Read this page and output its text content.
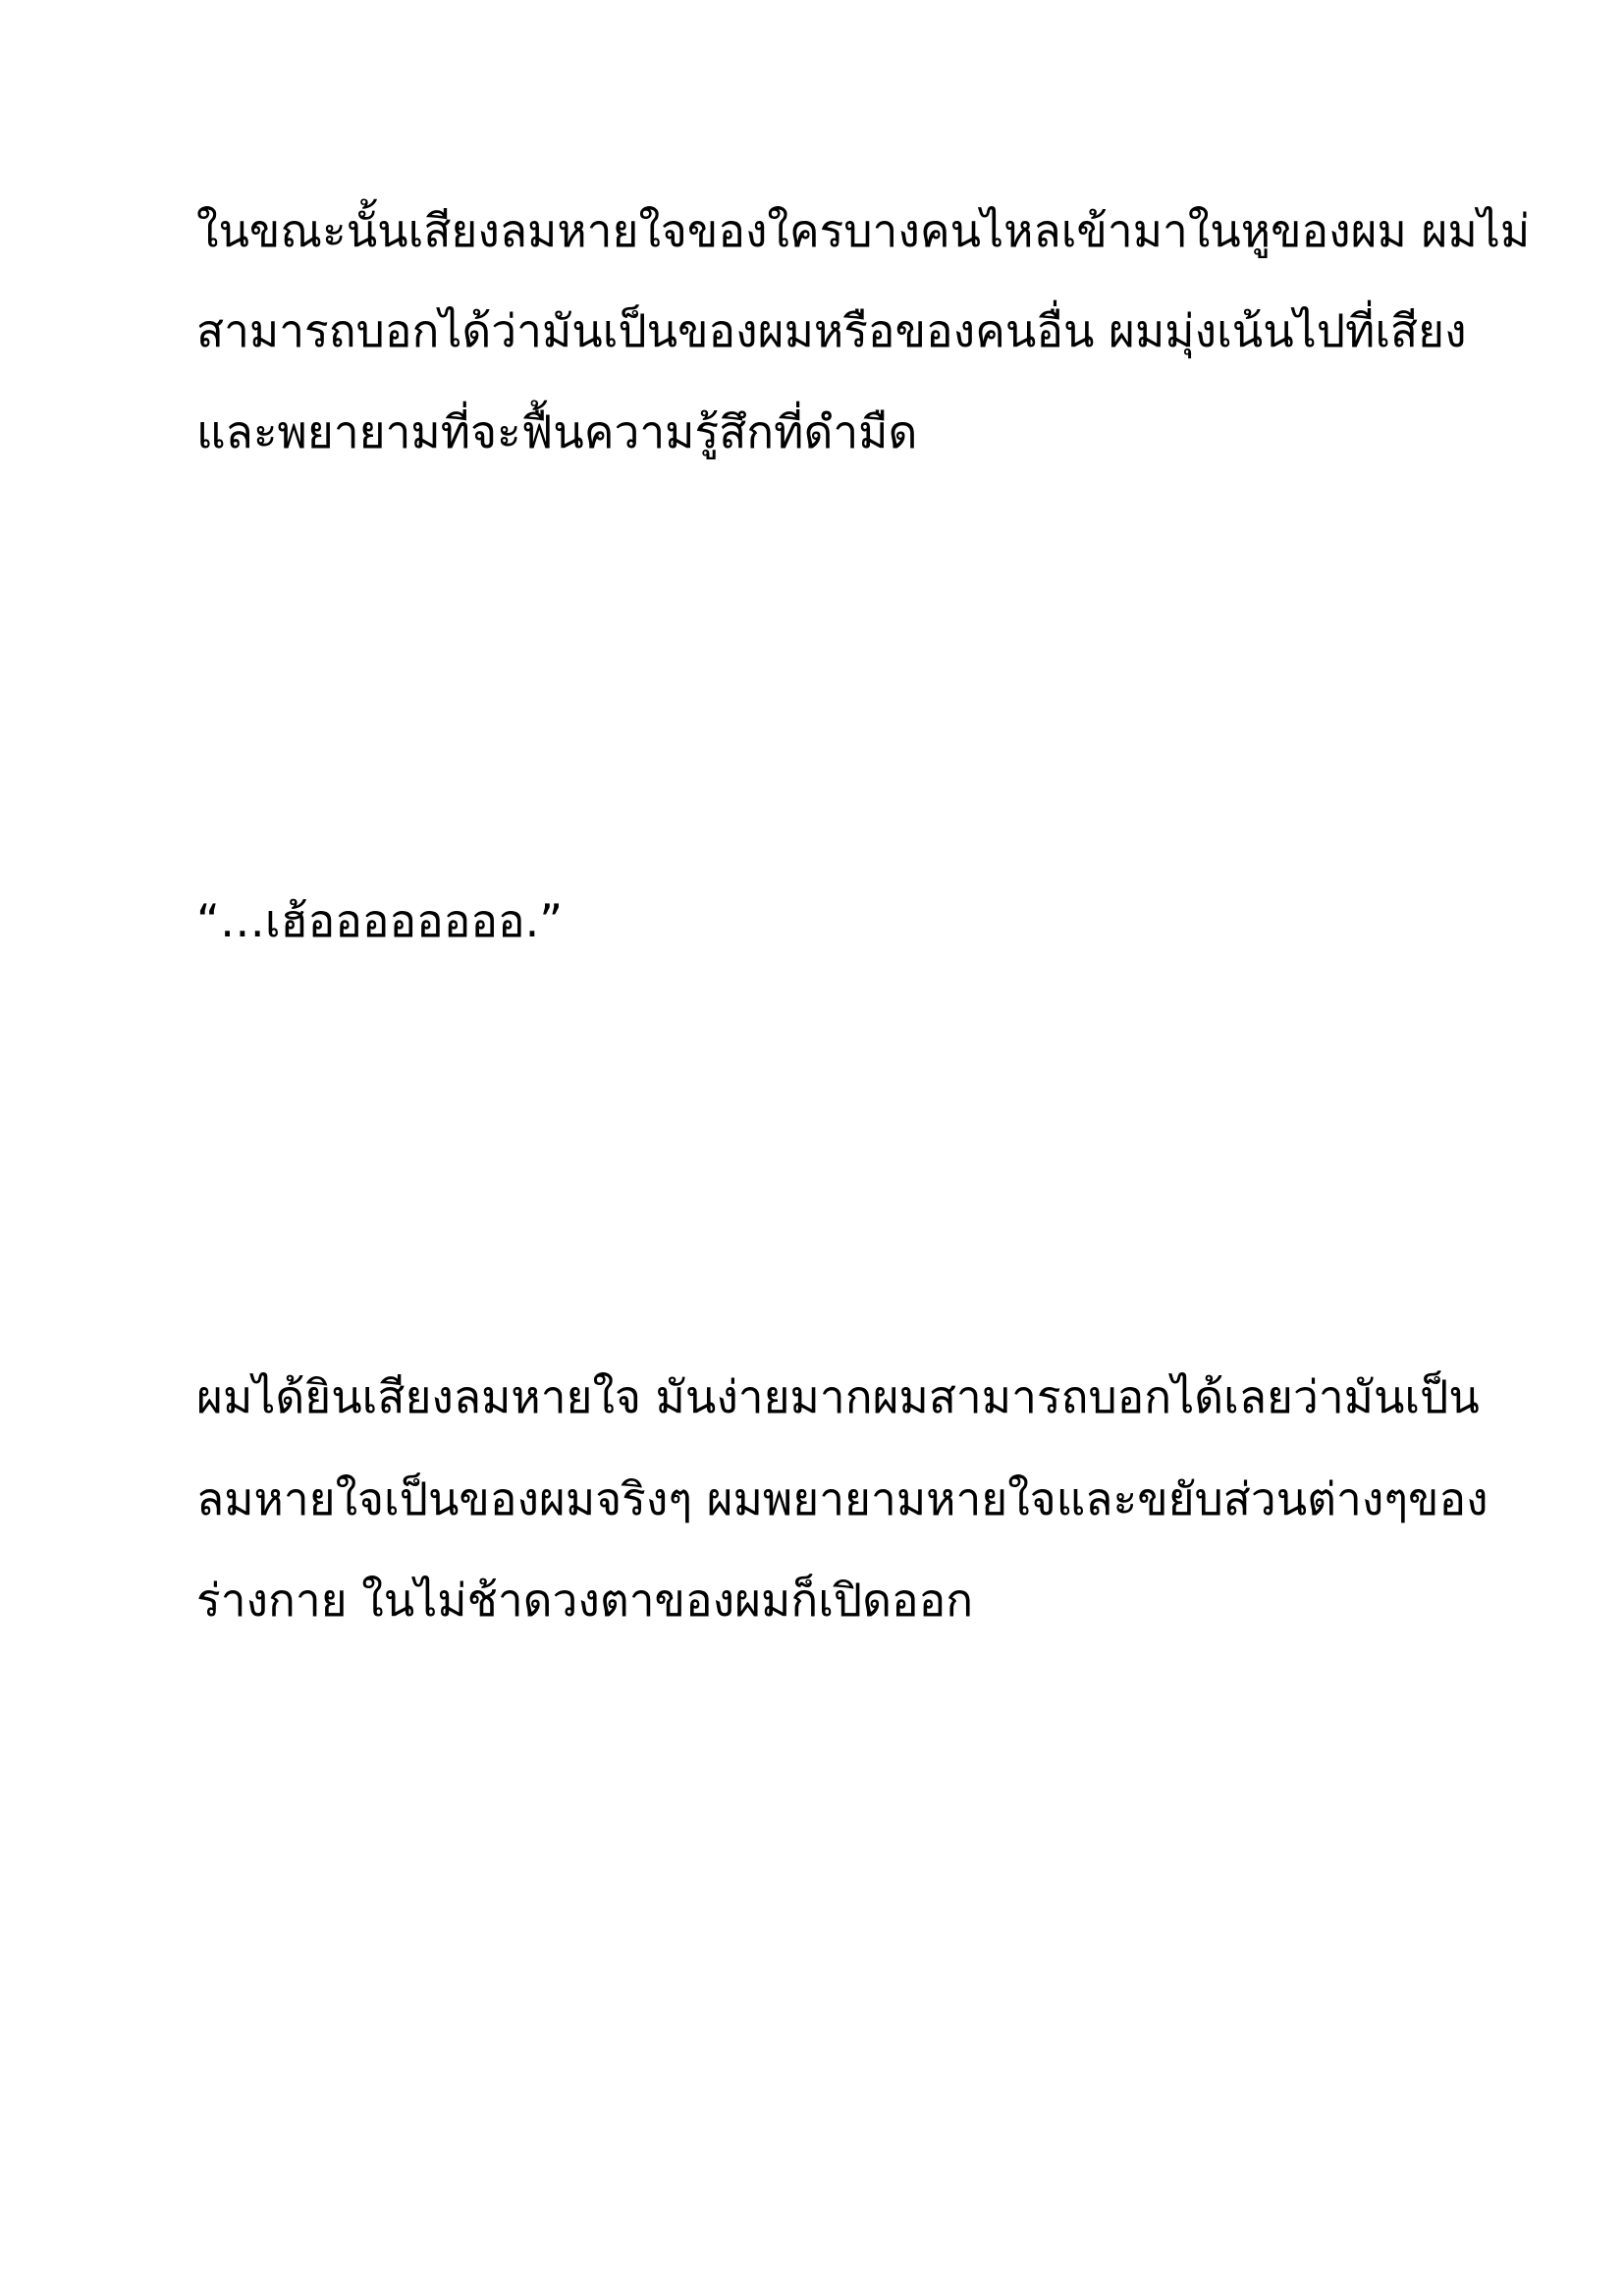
ในขณะนั้นเสียงลมหายใจของใครบางคนไหลเข้ามาในหูของผม ผมไม่

สามารถบอกได้ว่ามันเป็นของผมหรือของคนอื่น ผมมุ่งเน้นไปที่เสียง

และพยายามที่จะฟื้นความรู้สึกที่ดำมืด

“…เฮ้ออออออออ.”

ผมได้ยินเสียงลมหายใจ มันง่ายมากผมสามารถบอกได้เลยว่ามันเป็น

ลมหายใจเป็นของผมจริงๆ ผมพยายามหายใจและขยับส่วนต่างๆของ

ร่างกาย ในไม่ช้าดวงตาของผมก็เปิดออก
